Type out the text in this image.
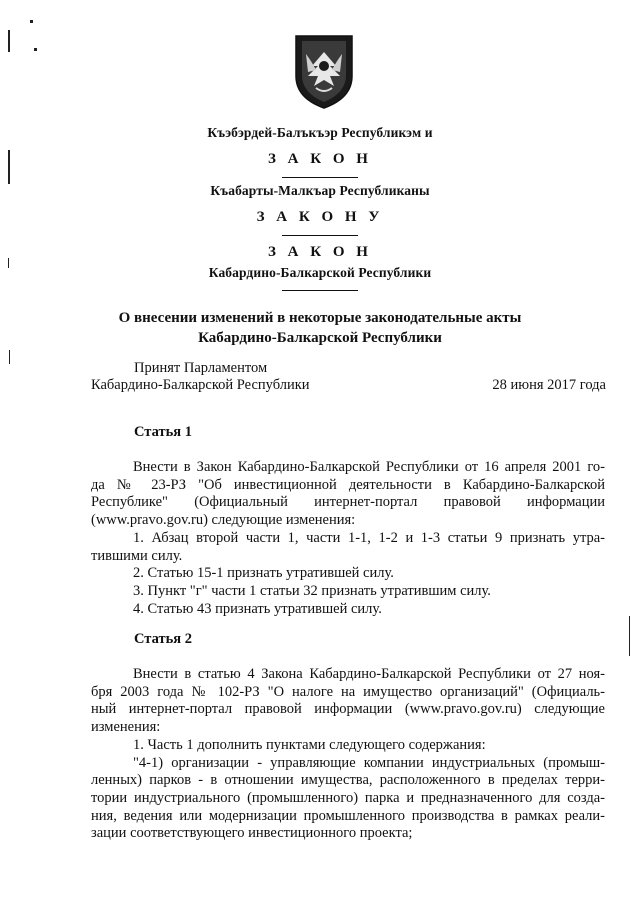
Къэбэрдей-Балъкъэр Республикэм и
З А К О Н
Къабарты-Малкъар Республиканы
З А К О Н У
З А К О Н
Кабардино-Балкарской Республики
О внесении изменений в некоторые законодательные акты
Кабардино-Балкарской Республики
Принят Парламентом
Кабардино-Балкарской Республики	28 июня 2017 года
Статья 1
Внести в Закон Кабардино-Балкарской Республики от 16 апреля 2001 го-
да № 23-РЗ "Об инвестиционной деятельности в Кабардино-Балкарской
Республике" (Официальный интернет-портал правовой информации
(www.pravo.gov.ru) следующие изменения:
1. Абзац второй части 1, части 1-1, 1-2 и 1-3 статьи 9 признать утра-
тившими силу.
2. Статью 15-1 признать утратившей силу.
3. Пункт "г" части 1 статьи 32 признать утратившим силу.
4. Статью 43 признать утратившей силу.
Статья 2
Внести в статью 4 Закона Кабардино-Балкарской Республики от 27 ноя-
бря 2003 года № 102-РЗ "О налоге на имущество организаций" (Официаль-
ный интернет-портал правовой информации (www.pravo.gov.ru) следующие
изменения:
1. Часть 1 дополнить пунктами следующего содержания:
"4-1) организации - управляющие компании индустриальных (промыш-
ленных) парков - в отношении имущества, расположенного в пределах терри-
тории индустриального (промышленного) парка и предназначенного для созда-
ния, ведения или модернизации промышленного производства в рамках реали-
зации соответствующего инвестиционного проекта;
